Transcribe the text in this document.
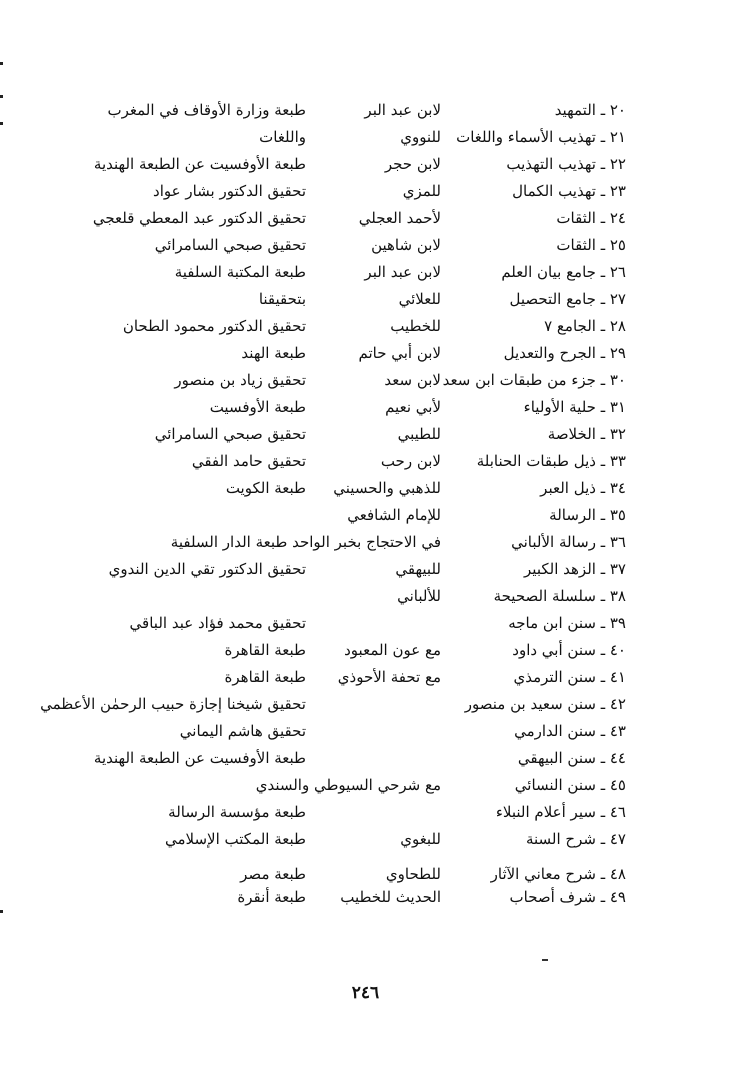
٢٠ ـ التمهيد
لابن عبد البر
طبعة وزارة الأوقاف في المغرب
٢١ ـ تهذيب الأسماء واللغات
للنووي
واللغات
٢٢ ـ تهذيب التهذيب
لابن حجر
طبعة الأوفسيت عن الطبعة الهندية
٢٣ ـ تهذيب الكمال
للمزي
تحقيق الدكتور بشار عواد
٢٤ ـ الثقات
لأحمد العجلي
تحقيق الدكتور عبد المعطي قلعجي
٢٥ ـ الثقات
لابن شاهين
تحقيق صبحي السامرائي
٢٦ ـ جامع بيان العلم
لابن عبد البر
طبعة المكتبة السلفية
٢٧ ـ جامع التحصيل
للعلائي
بتحقيقنا
٢٨ ـ الجامع ٧
للخطيب
تحقيق الدكتور محمود الطحان
٢٩ ـ الجرح والتعديل
لابن أبي حاتم
طبعة الهند
٣٠ ـ جزء من طبقات ابن سعد
لابن سعد
تحقيق زياد بن منصور
٣١ ـ حلية الأولياء
لأبي نعيم
طبعة الأوفسيت
٣٢ ـ الخلاصة
للطيبي
تحقيق صبحي السامرائي
٣٣ ـ ذيل طبقات الحنابلة
لابن رحب
تحقيق حامد الفقي
٣٤ ـ ذيل العبر
للذهبي والحسيني
طبعة الكويت
٣٥ ـ الرسالة
للإمام الشافعي
٣٦ ـ رسالة الألباني
في الاحتجاج بخبر الواحد طبعة الدار السلفية
٣٧ ـ الزهد الكبير
للبيهقي
تحقيق الدكتور تقي الدين الندوي
٣٨ ـ سلسلة الصحيحة
للألباني
٣٩ ـ سنن ابن ماجه
تحقيق محمد فؤاد عبد الباقي
٤٠ ـ سنن أبي داود
مع عون المعبود
طبعة القاهرة
٤١ ـ سنن الترمذي
مع تحفة الأحوذي
طبعة القاهرة
٤٢ ـ سنن سعيد بن منصور
تحقيق شيخنا إجازة حبيب الرحمٰن الأعظمي
٤٣ ـ سنن الدارمي
تحقيق هاشم اليماني
٤٤ ـ سنن البيهقي
طبعة الأوفسيت عن الطبعة الهندية
٤٥ ـ سنن النسائي
مع شرحي السيوطي والسندي
٤٦ ـ سير أعلام النبلاء
طبعة مؤسسة الرسالة
٤٧ ـ شرح السنة
للبغوي
طبعة المكتب الإسلامي
٤٨ ـ شرح معاني الآثار
للطحاوي
طبعة مصر
٤٩ ـ شرف أصحاب
الحديث للخطيب
طبعة أنقرة
٢٤٦
